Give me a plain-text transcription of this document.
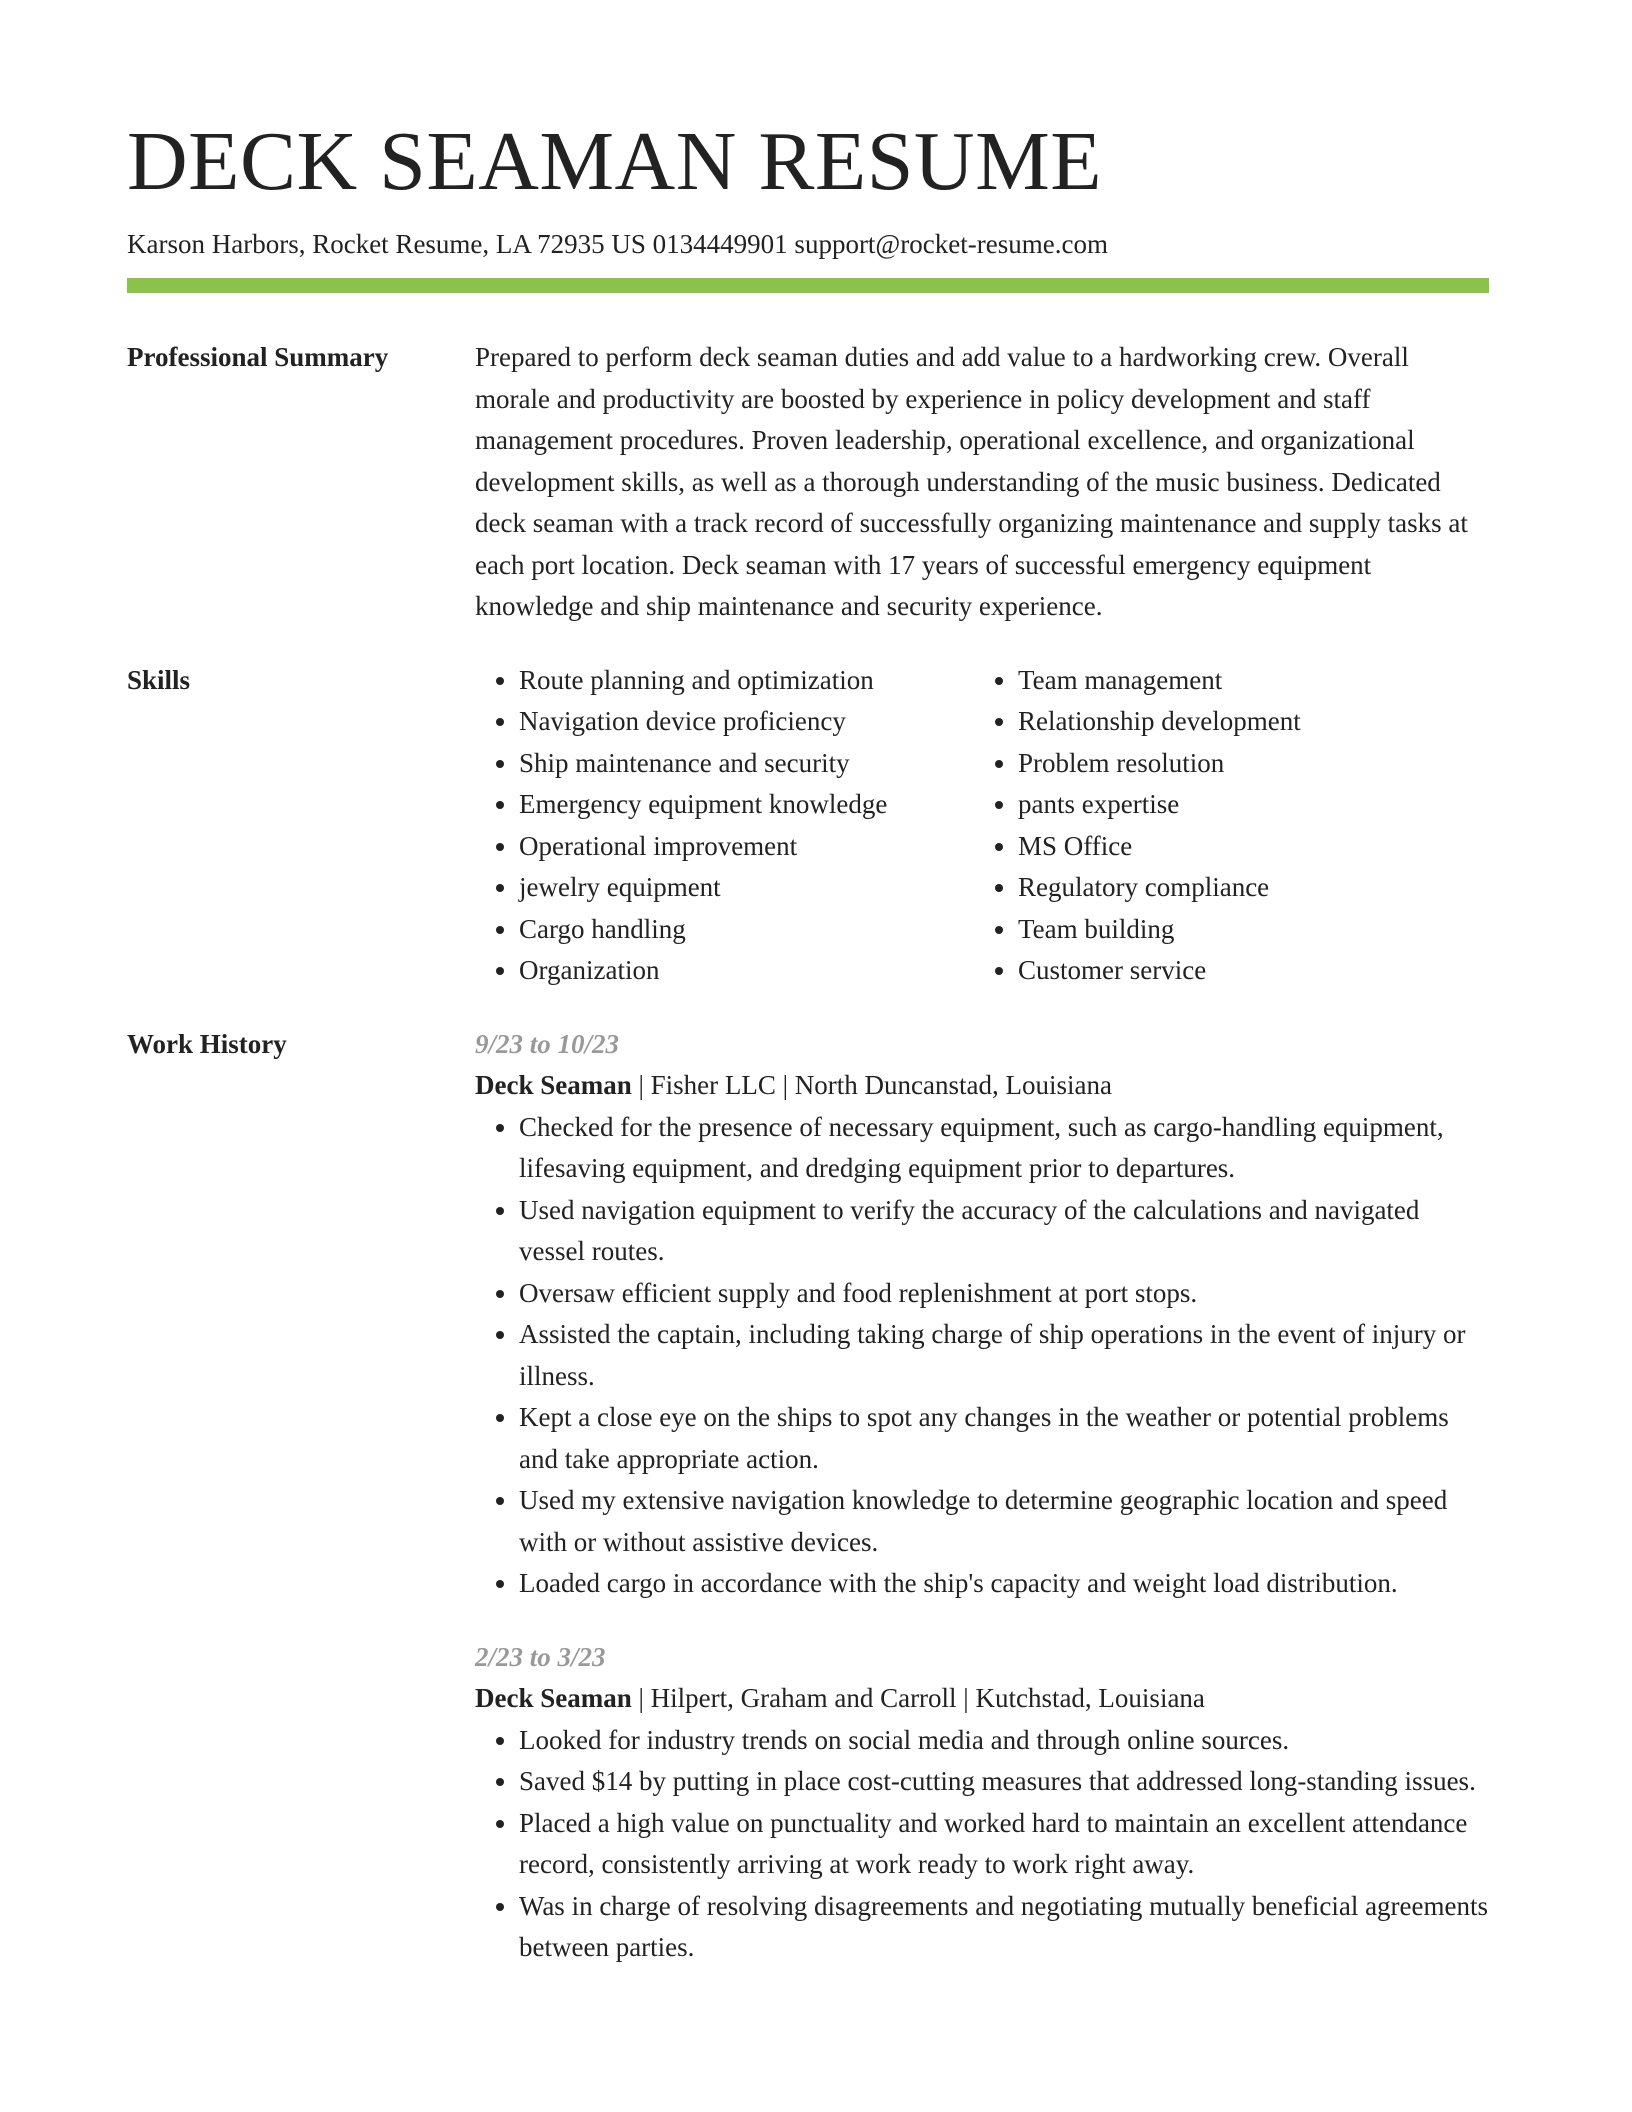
DECK SEAMAN RESUME
Karson Harbors, Rocket Resume, LA 72935 US 0134449901 support@rocket-resume.com
Professional Summary	Prepared to perform deck seaman duties and add value to a hardworking crew. Overall morale and productivity are boosted by experience in policy development and staff management procedures. Proven leadership, operational excellence, and organizational development skills, as well as a thorough understanding of the music business. Dedicated deck seaman with a track record of successfully organizing maintenance and supply tasks at each port location. Deck seaman with 17 years of successful emergency equipment knowledge and ship maintenance and security experience.
Skills
•	Route planning and optimization
• Navigation device proficiency
• Ship maintenance and security
• Emergency equipment knowledge
• Operational improvement
• jewelry equipment
• Cargo handling
• Organization
• Team management
• Relationship development
• Problem resolution
• pants expertise
• MS Office
• Regulatory compliance
• Team building
• Customer service
Work History	9/23 to 10/23
Deck Seaman | Fisher LLC | North Duncanstad, Louisiana
• Checked for the presence of necessary equipment, such as cargo-handling equipment, lifesaving equipment, and dredging equipment prior to departures.
• Used navigation equipment to verify the accuracy of the calculations and navigated vessel routes.
• Oversaw efficient supply and food replenishment at port stops.
• Assisted the captain, including taking charge of ship operations in the event of injury or illness.
• Kept a close eye on the ships to spot any changes in the weather or potential problems and take appropriate action.
• Used my extensive navigation knowledge to determine geographic location and speed with or without assistive devices.
• Loaded cargo in accordance with the ship's capacity and weight load distribution.
2/23 to 3/23
Deck Seaman | Hilpert, Graham and Carroll | Kutchstad, Louisiana
• Looked for industry trends on social media and through online sources.
• Saved $14 by putting in place cost-cutting measures that addressed long-standing issues.
• Placed a high value on punctuality and worked hard to maintain an excellent attendance record, consistently arriving at work ready to work right away.
• Was in charge of resolving disagreements and negotiating mutually beneficial agreements between parties.
